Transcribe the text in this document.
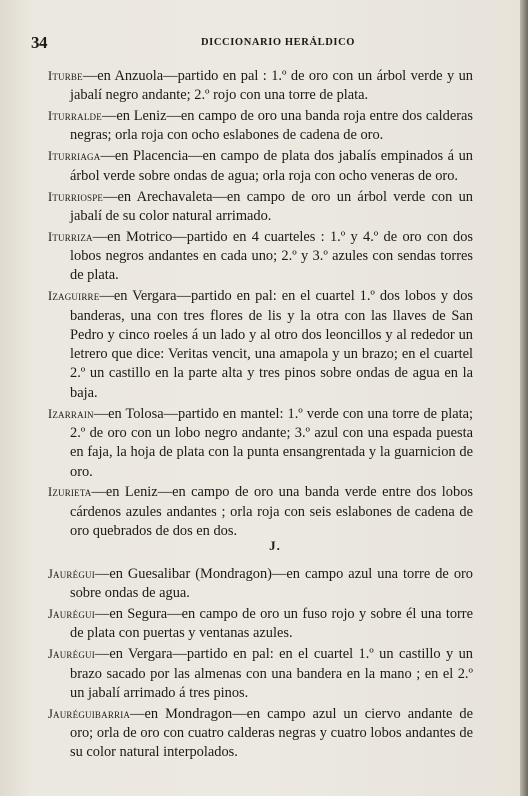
34	DICCIONARIO HERÁLDICO

Iturbe—en Anzuola—partido en pal : 1.º de oro con un árbol verde y un jabalí negro andante; 2.º rojo con una torre de plata.

Iturralde—en Leniz—en campo de oro una banda roja entre dos calderas negras; orla roja con ocho eslabones de cadena de oro.

Iturriaga—en Placencia—en campo de plata dos jabalís empinados á un árbol verde sobre ondas de agua; orla roja con ocho veneras de oro.

Iturriospe—en Arechavaleta—en campo de oro un árbol verde con un jabalí de su color natural arrimado.

Iturriza—en Motrico—partido en 4 cuarteles : 1.º y 4.º de oro con dos lobos negros andantes en cada uno; 2.º y 3.º azules con sendas torres de plata.

Izaguirre—en Vergara—partido en pal: en el cuartel 1.º dos lobos y dos banderas, una con tres flores de lis y la otra con las llaves de San Pedro y cinco roeles á un lado y al otro dos leoncillos y al rededor un letrero que dice: Veritas vencit, una amapola y un brazo; en el cuartel 2.º un castillo en la parte alta y tres pinos sobre ondas de agua en la baja.

Izarrain—en Tolosa—partido en mantel: 1.º verde con una torre de plata; 2.º de oro con un lobo negro andante; 3.º azul con una espada puesta en faja, la hoja de plata con la punta ensangrentada y la guarnicion de oro.

Izurieta—en Leniz—en campo de oro una banda verde entre dos lobos cárdenos azules andantes ; orla roja con seis eslabones de cadena de oro quebrados de dos en dos.

J.

Jaurégui—en Guesalibar (Mondragon)—en campo azul una torre de oro sobre ondas de agua.

Jaurégui—en Segura—en campo de oro un fuso rojo y sobre él una torre de plata con puertas y ventanas azules.

Jaurégui—en Vergara—partido en pal: en el cuartel 1.º un castillo y un brazo sacado por las almenas con una bandera en la mano ; en el 2.º un jabalí arrimado á tres pinos.

Jauréguibarria—en Mondragon—en campo azul un ciervo andante de oro; orla de oro con cuatro calderas negras y cuatro lobos andantes de su color natural interpolados.
